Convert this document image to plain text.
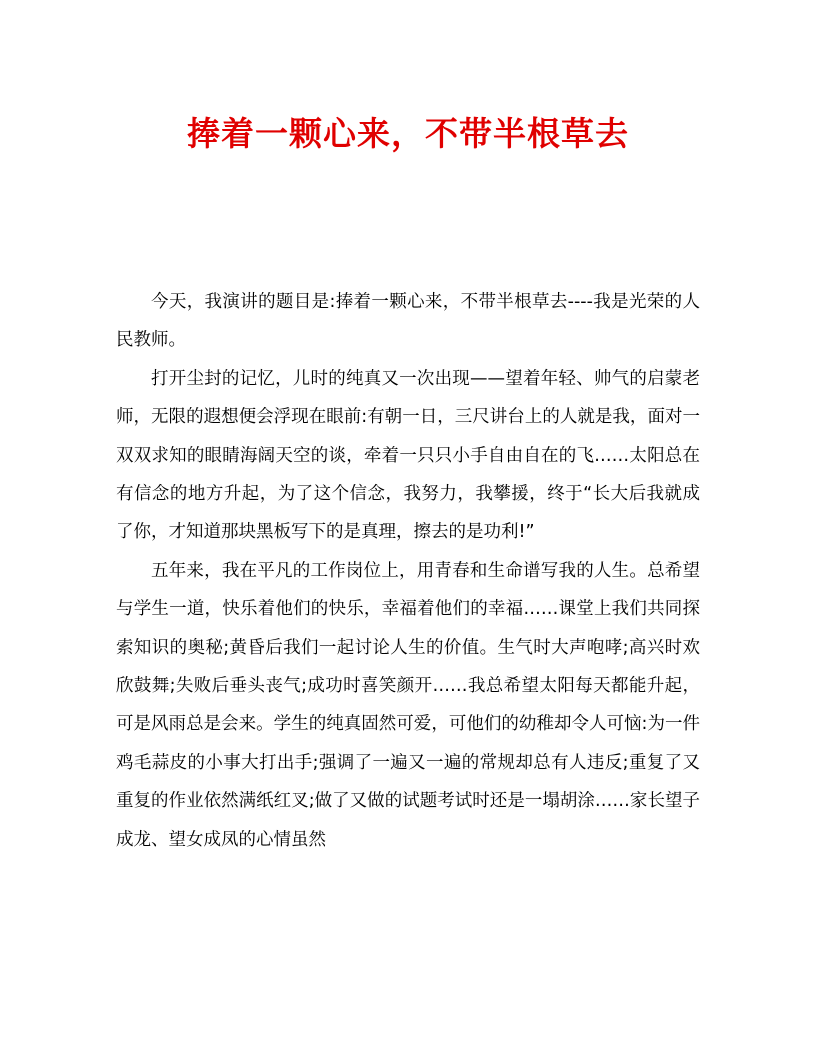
捧着一颗心来，不带半根草去

今天，我演讲的题目是:捧着一颗心来，不带半根草去----我是光荣的人民教师。

打开尘封的记忆，儿时的纯真又一次出现——望着年轻、帅气的启蒙老师，无限的遐想便会浮现在眼前:有朝一日，三尺讲台上的人就是我，面对一双双求知的眼睛海阔天空的谈，牵着一只只小手自由自在的飞……太阳总在有信念的地方升起，为了这个信念，我努力，我攀援，终于“长大后我就成了你，才知道那块黑板写下的是真理，擦去的是功利!”

五年来，我在平凡的工作岗位上，用青春和生命谱写我的人生。总希望与学生一道，快乐着他们的快乐，幸福着他们的幸福……课堂上我们共同探索知识的奥秘;黄昏后我们一起讨论人生的价值。生气时大声咆哮;高兴时欢欣鼓舞;失败后垂头丧气;成功时喜笑颜开……我总希望太阳每天都能升起，可是风雨总是会来。学生的纯真固然可爱，可他们的幼稚却令人可恼:为一件鸡毛蒜皮的小事大打出手;强调了一遍又一遍的常规却总有人违反;重复了又重复的作业依然满纸红叉;做了又做的试题考试时还是一塌胡涂……家长望子成龙、望女成凤的心情虽然
